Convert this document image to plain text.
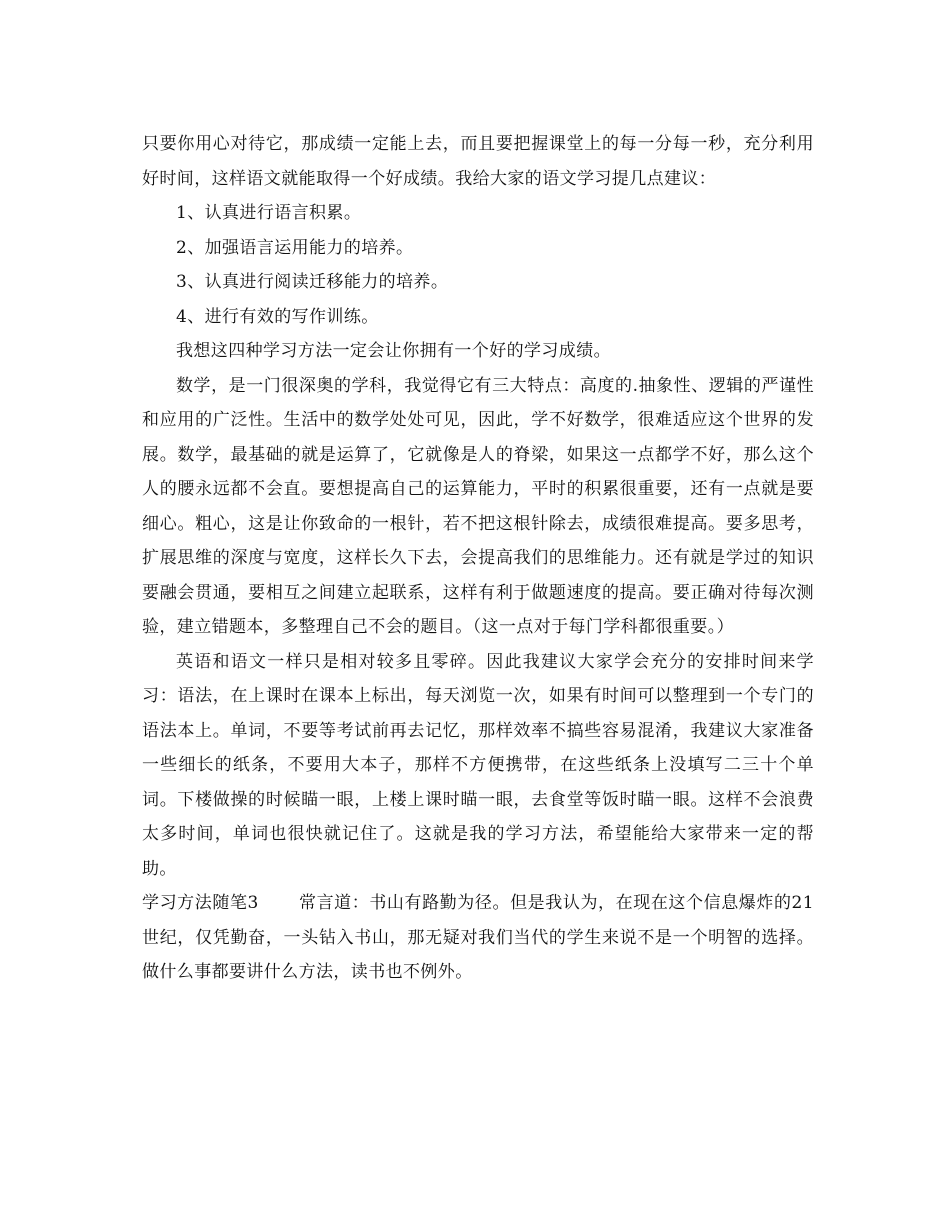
只要你用心对待它，那成绩一定能上去，而且要把握课堂上的每一分每一秒，充分利用好时间，这样语文就能取得一个好成绩。我给大家的语文学习提几点建议：

1、认真进行语言积累。

2、加强语言运用能力的培养。

3、认真进行阅读迁移能力的培养。

4、进行有效的写作训练。

我想这四种学习方法一定会让你拥有一个好的学习成绩。

数学，是一门很深奥的学科，我觉得它有三大特点：高度的.抽象性、逻辑的严谨性和应用的广泛性。生活中的数学处处可见，因此，学不好数学，很难适应这个世界的发展。数学，最基础的就是运算了，它就像是人的脊梁，如果这一点都学不好，那么这个人的腰永远都不会直。要想提高自己的运算能力，平时的积累很重要，还有一点就是要细心。粗心，这是让你致命的一根针，若不把这根针除去，成绩很难提高。要多思考，扩展思维的深度与宽度，这样长久下去，会提高我们的思维能力。还有就是学过的知识要融会贯通，要相互之间建立起联系，这样有利于做题速度的提高。要正确对待每次测验，建立错题本，多整理自己不会的题目。（这一点对于每门学科都很重要。）

英语和语文一样只是相对较多且零碎。因此我建议大家学会充分的安排时间来学习：语法，在上课时在课本上标出，每天浏览一次，如果有时间可以整理到一个专门的语法本上。单词，不要等考试前再去记忆，那样效率不搞些容易混淆，我建议大家准备一些细长的纸条，不要用大本子，那样不方便携带，在这些纸条上没填写二三十个单词。下楼做操的时候瞄一眼，上楼上课时瞄一眼，去食堂等饭时瞄一眼。这样不会浪费太多时间，单词也很快就记住了。这就是我的学习方法，希望能给大家带来一定的帮助。

学习方法随笔3 常言道：书山有路勤为径。但是我认为，在现在这个信息爆炸的21世纪，仅凭勤奋，一头钻入书山，那无疑对我们当代的学生来说不是一个明智的选择。做什么事都要讲什么方法，读书也不例外。
